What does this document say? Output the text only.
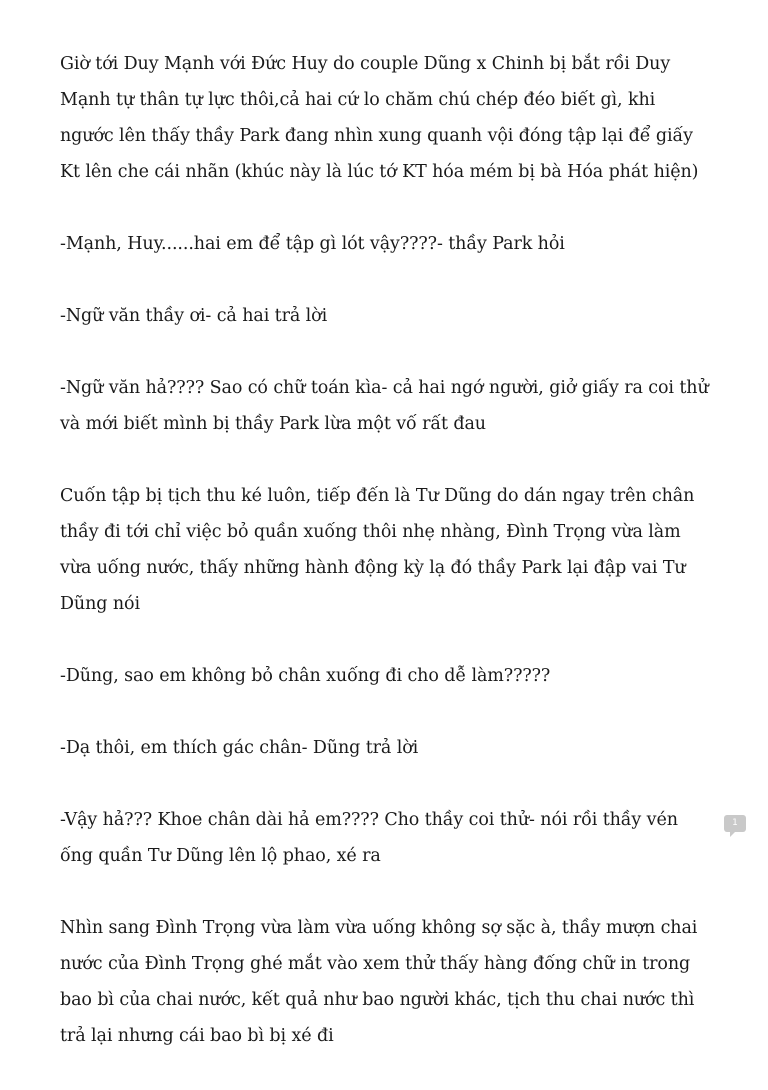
Giờ tới Duy Mạnh với Đức Huy do couple Dũng x Chinh bị bắt rồi Duy Mạnh tự thân tự lực thôi,cả hai cứ lo chăm chú chép đéo biết gì, khi ngước lên thấy thầy Park đang nhìn xung quanh vội đóng tập lại để giấy Kt lên che cái nhãn (khúc này là lúc tớ KT hóa mém bị bà Hóa phát hiện)

-Mạnh, Huy......hai em để tập gì lót vậy????- thầy Park hỏi

-Ngữ văn thầy ơi- cả hai trả lời

-Ngữ văn hả???? Sao có chữ toán kìa- cả hai ngớ người, giở giấy ra coi thử và mới biết mình bị thầy Park lừa một vố rất đau

Cuốn tập bị tịch thu ké luôn, tiếp đến là Tư Dũng do dán ngay trên chân thầy đi tới chỉ việc bỏ quần xuống thôi nhẹ nhàng, Đình Trọng vừa làm vừa uống nước, thấy những hành động kỳ lạ đó thầy Park lại đập vai Tư Dũng nói

-Dũng, sao em không bỏ chân xuống đi cho dễ làm?????

-Dạ thôi, em thích gác chân- Dũng trả lời

-Vậy hả??? Khoe chân dài hả em???? Cho thầy coi thử- nói rồi thầy vén ống quần Tư Dũng lên lộ phao, xé ra

Nhìn sang Đình Trọng vừa làm vừa uống không sợ sặc à, thầy mượn chai nước của Đình Trọng ghé mắt vào xem thử thấy hàng đống chữ in trong bao bì của chai nước, kết quả như bao người khác, tịch thu chai nước thì trả lại nhưng cái bao bì bị xé đi

1
